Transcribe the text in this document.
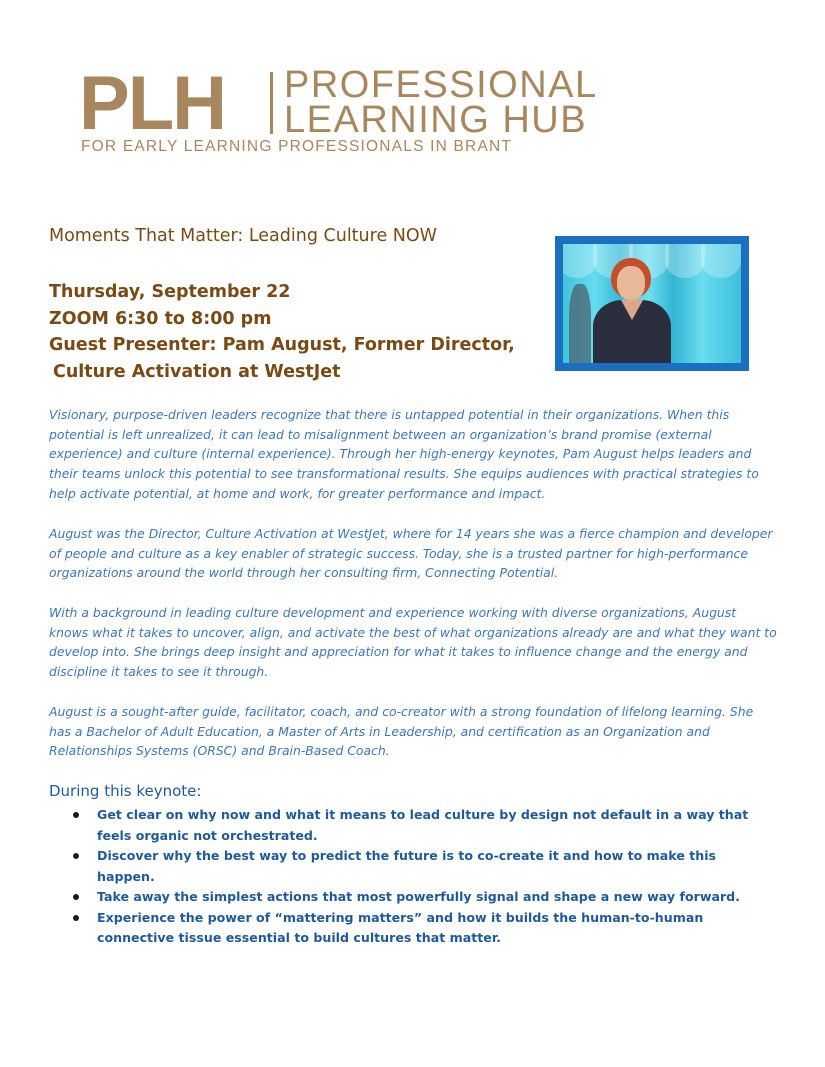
PLH PROFESSIONAL
LEARNING HUB
FOR EARLY LEARNING PROFESSIONALS IN BRANT
Moments That Matter: Leading Culture NOW
Thursday, September 22
ZOOM 6:30 to 8:00 pm
Guest Presenter: Pam August, Former Director,
Culture Activation at WestJet

Visionary, purpose-driven leaders recognize that there is untapped potential in their organizations. When this potential is left unrealized, it can lead to misalignment between an organization’s brand promise (external experience) and culture (internal experience). Through her high-energy keynotes, Pam August helps leaders and their teams unlock this potential to see transformational results. She equips audiences with practical strategies to help activate potential, at home and work, for greater performance and impact.

August was the Director, Culture Activation at WestJet, where for 14 years she was a fierce champion and developer of people and culture as a key enabler of strategic success. Today, she is a trusted partner for high-performance organizations around the world through her consulting firm, Connecting Potential.

With a background in leading culture development and experience working with diverse organizations, August knows what it takes to uncover, align, and activate the best of what organizations already are and what they want to develop into. She brings deep insight and appreciation for what it takes to influence change and the energy and discipline it takes to see it through.

August is a sought-after guide, facilitator, coach, and co-creator with a strong foundation of lifelong learning. She has a Bachelor of Adult Education, a Master of Arts in Leadership, and certification as an Organization and Relationships Systems (ORSC) and Brain-Based Coach.

During this keynote:
Get clear on why now and what it means to lead culture by design not default in a way that feels organic not orchestrated.
Discover why the best way to predict the future is to co-create it and how to make this happen.
Take away the simplest actions that most powerfully signal and shape a new way forward.
Experience the power of “mattering matters” and how it builds the human-to-human connective tissue essential to build cultures that matter.
